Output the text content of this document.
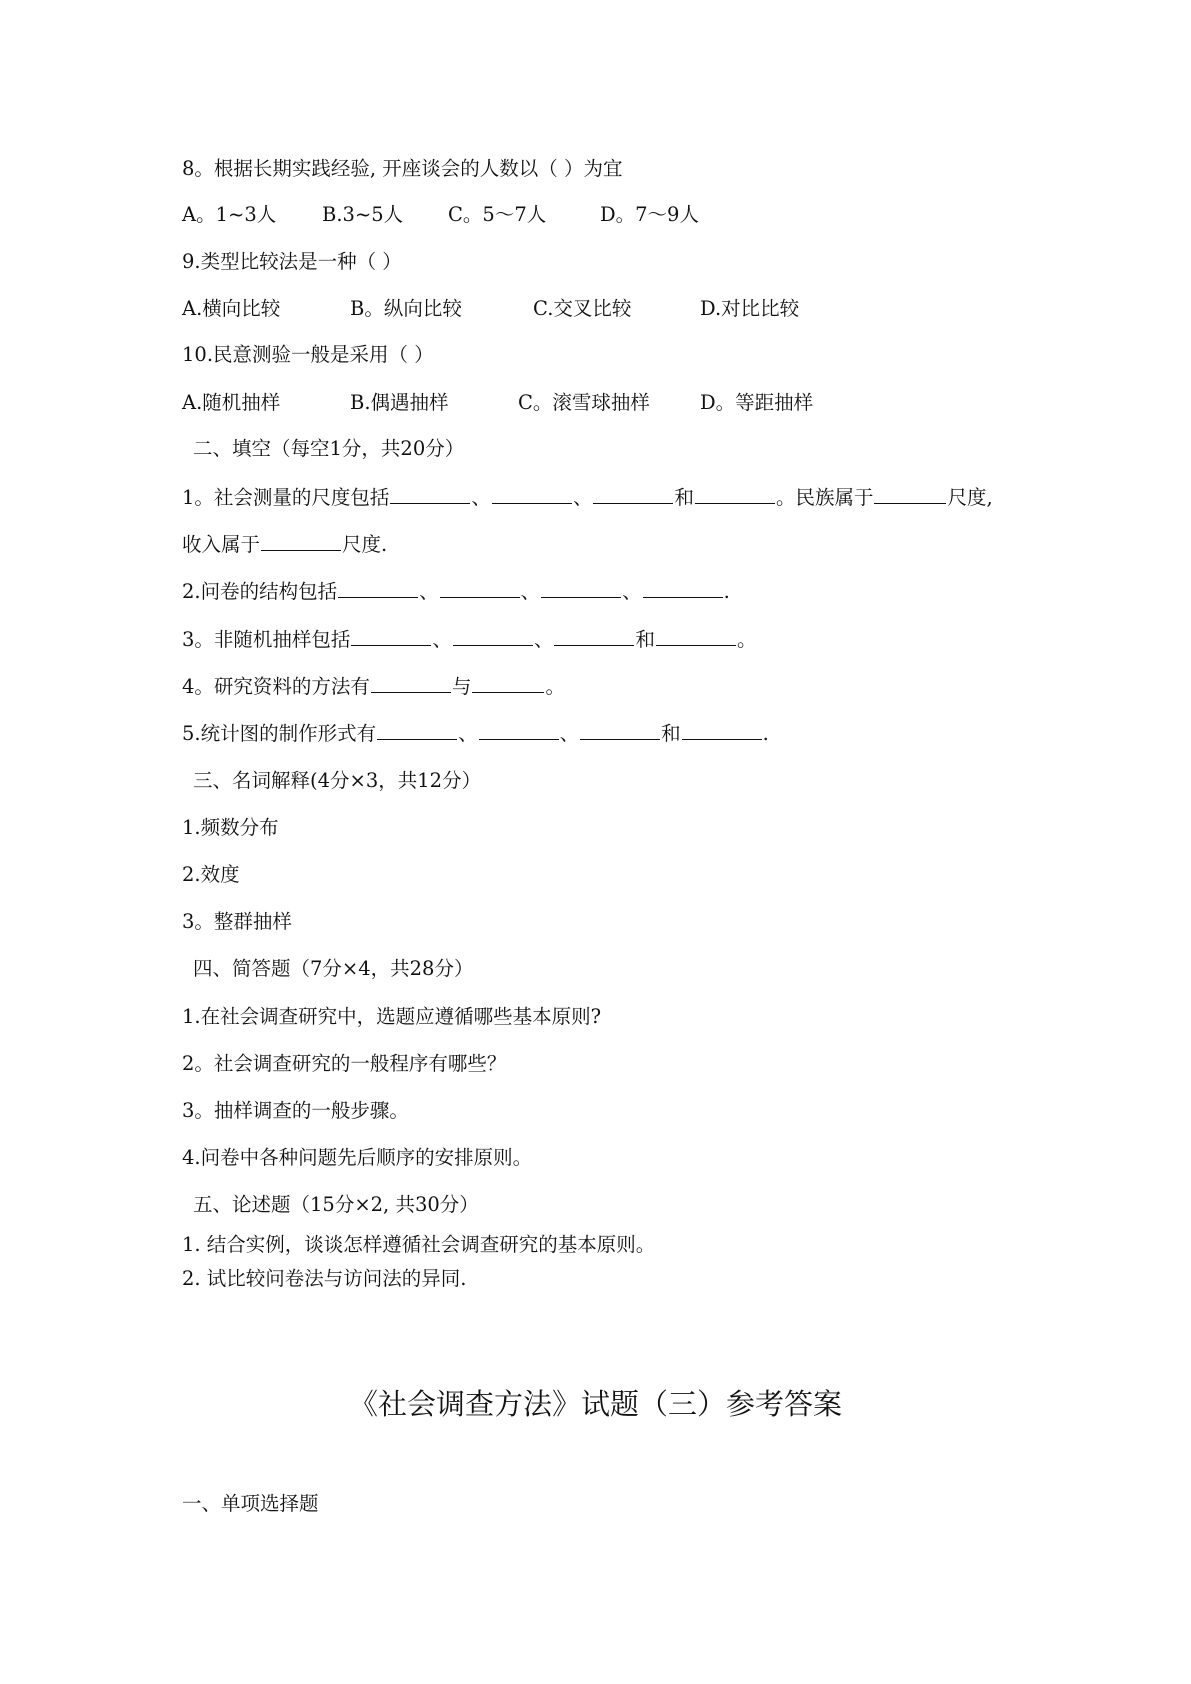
8。根据长期实践经验, 开座谈会的人数以（ ）为宜
A。1~3人 B.3~5人 C。5～7人	D。7～9人
9.类型比较法是一种（ ）
A.横向比较	B。纵向比较	C.交叉比较	D.对比比较
10.民意测验一般是采用（ ）
A.随机抽样	B.偶遇抽样	C。滚雪球抽样	D。等距抽样
二、填空（每空1分，共20分）
1。社会测量的尺度包括	、	、	和	。民族属于	尺度,
收入属于	尺度.
2.问卷的结构包括	、	、	、	.
3。非随机抽样包括	、	、	和	。
4。研究资料的方法有	与	。
5.统计图的制作形式有	、	、	和	.
三、名词解释(4分×3，共12分）
1.频数分布
2.效度
3。整群抽样
四、简答题（7分×4，共28分）
1.在社会调查研究中，选题应遵循哪些基本原则?
2。社会调查研究的一般程序有哪些？
3。抽样调查的一般步骤。
4.问卷中各种问题先后顺序的安排原则。
五、论述题（15分×2, 共30分）
1. 结合实例，谈谈怎样遵循社会调查研究的基本原则。
2. 试比较问卷法与访问法的异同.
《社会调查方法》试题（三）参考答案
一、单项选择题
